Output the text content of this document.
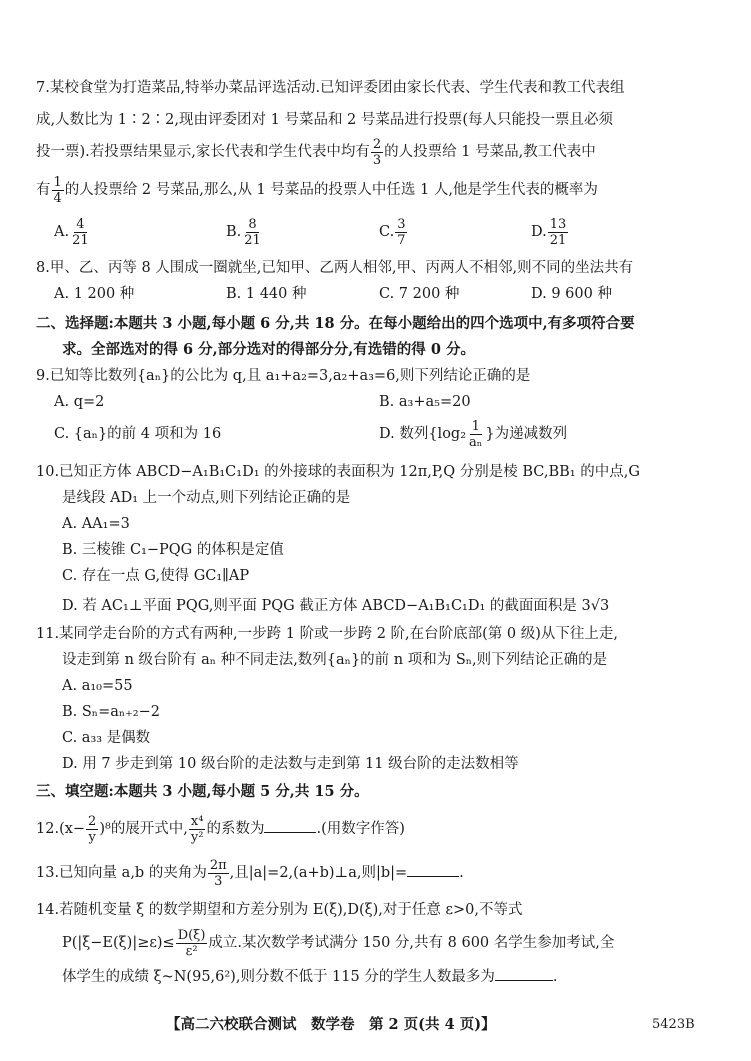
7.某校食堂为打造菜品,特举办菜品评选活动.已知评委团由家长代表、学生代表和教工代表组
成,人数比为 1∶2∶2,现由评委团对 1 号菜品和 2 号菜品进行投票(每人只能投一票且必须
投一票).若投票结果显示,家长代表和学生代表中均有 $\frac{2}{3}$ 的人投票给 1 号菜品,教工代表中
有 $\frac{1}{4}$ 的人投票给 2 号菜品,那么,从 1 号菜品的投票人中任选 1 人,他是学生代表的概率为
A. $\frac{4}{21}$	B. $\frac{8}{21}$	C. $\frac{3}{7}$	D. $\frac{13}{21}$
8.甲、乙、丙等 8 人围成一圈就坐,已知甲、乙两人相邻,甲、丙两人不相邻,则不同的坐法共有
A. 1 200 种	B. 1 440 种	C. 7 200 种	D. 9 600 种
二、选择题:本题共 3 小题,每小题 6 分,共 18 分。在每小题给出的四个选项中,有多项符合要
求。全部选对的得 6 分,部分选对的得部分分,有选错的得 0 分。
9.已知等比数列{aₙ}的公比为 q,且 a₁+a₂=3,a₂+a₃=6,则下列结论正确的是
A. q=2	B. a₃+a₅=20
C. {aₙ}的前 4 项和为 16	D. 数列{$\log_2 \frac{1}{\text{aₙ}}$ }为递减数列
10.已知正方体 ABCD−A₁B₁C₁D₁ 的外接球的表面积为 12π,P,Q 分别是棱 BC,BB₁ 的中点,G
是线段 AD₁ 上一个动点,则下列结论正确的是
A. AA₁=3
B. 三棱锥 C₁−PQG 的体积是定值
C. 存在一点 G,使得 GC₁∥AP
D. 若 AC₁⊥平面 PQG,则平面 PQG 截正方体 ABCD−A₁B₁C₁D₁ 的截面面积是 3√3
11.某同学走台阶的方式有两种,一步跨 1 阶或一步跨 2 阶,在台阶底部(第 0 级)从下往上走,
设走到第 n 级台阶有 aₙ 种不同走法,数列{aₙ}的前 n 项和为 Sₙ,则下列结论正确的是
A. a₁₀=55
B. Sₙ=aₙ₊₂−2
C. a₃₃ 是偶数
D. 用 7 步走到第 10 级台阶的走法数与走到第 11 级台阶的走法数相等
三、填空题:本题共 3 小题,每小题 5 分,共 15 分。
$12.(x- \frac{2}{y} )^8$的展开式中, $\frac{\text{x⁴}}{\text{y²}}$ 的系数为	.(用数字作答)
13.已知向量 a,b 的夹角为 $\frac{2\pi}{3}$ ,且|a|=2,(a+b)⊥a,则|b|=	.
14.若随机变量 ξ 的数学期望和方差分别为 E(ξ),D(ξ),对于任意 ε>0,不等式
$P(|\xi-E(\xi)|\ge\varepsilon)\le \frac{D(\xi)}{\text{ε²}}$ 成立.某次数学考试满分 150 分,共有 8 600 名学生参加考试,全
体学生的成绩 ξ~N(95,6²),则分数不低于 115 分的学生人数最多为	.
【高二六校联合测试　数学卷　第 2 页(共 4 页)】	5423B
